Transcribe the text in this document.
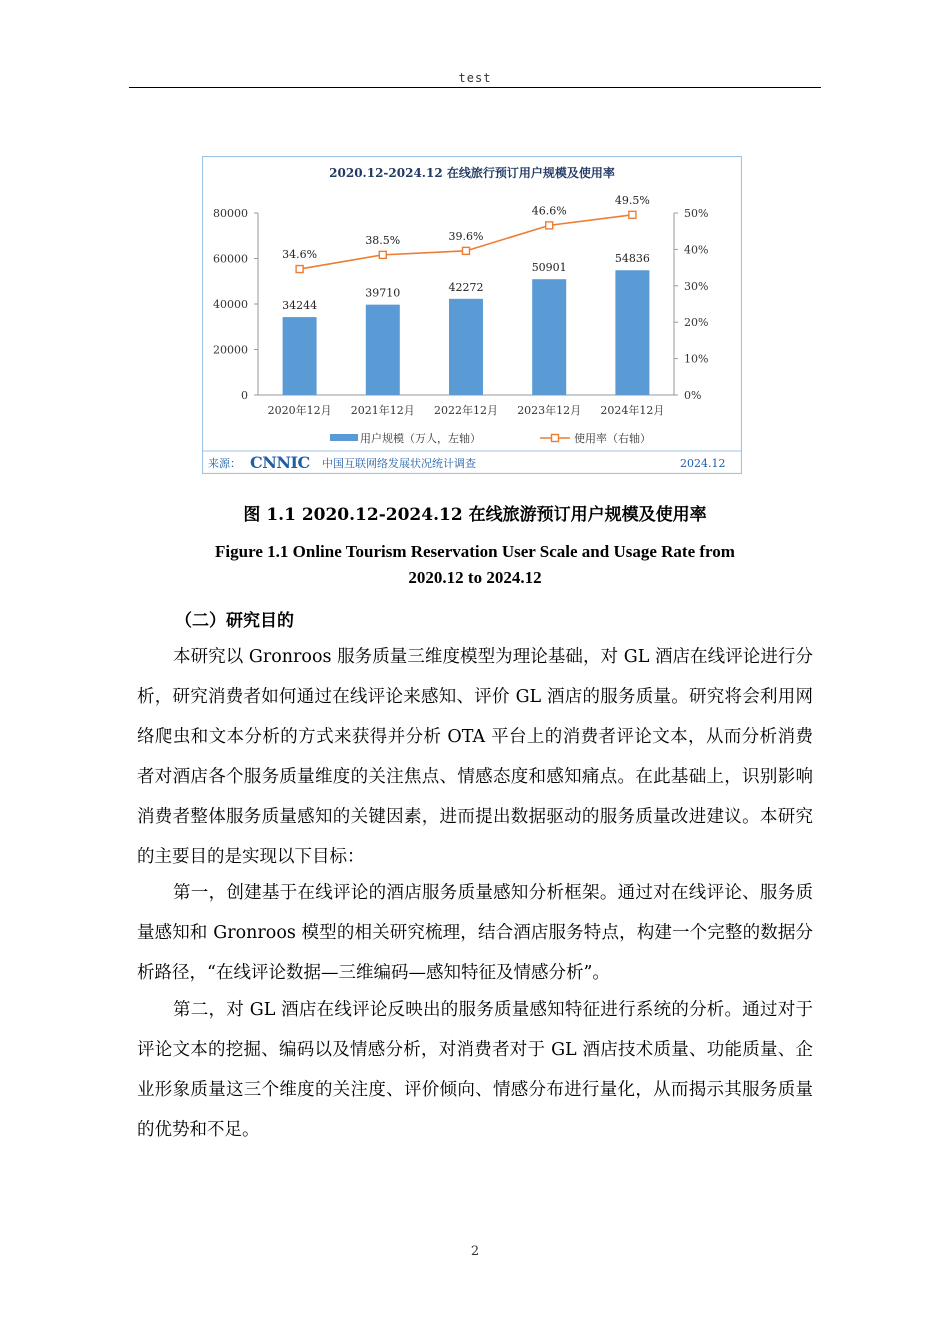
test
2020.12-2024.12 在线旅行预订用户规模及使用率
0
20000
40000
60000
80000
0%
10%
20%
30%
40%
50%
34244
39710	42272
50901
54836
34.6%
38.5%	39.6%
46.6%
49.5%
2020年12月 2021年12月 2022年12月 2023年12月 2024年12月
用户规模（万人，左轴）	使用率（右轴）
来源： CNNIC 中国互联网络发展状况统计调查	2024.12
图 1.1 2020.12-2024.12 在线旅游预订用户规模及使用率
Figure 1.1 Online Tourism Reservation User Scale and Usage Rate from 2020.12 to 2024.12
（二）研究目的
本研究以 Gronroos 服务质量三维度模型为理论基础，对 GL 酒店在线评论进行分析，研究消费者如何通过在线评论来感知、评价 GL 酒店的服务质量。研究将会利用网络爬虫和文本分析的方式来获得并分析 OTA 平台上的消费者评论文本，从而分析消费者对酒店各个服务质量维度的关注焦点、情感态度和感知痛点。在此基础上，识别影响消费者整体服务质量感知的关键因素，进而提出数据驱动的服务质量改进建议。本研究的主要目的是实现以下目标：
第一，创建基于在线评论的酒店服务质量感知分析框架。通过对在线评论、服务质量感知和 Gronroos 模型的相关研究梳理，结合酒店服务特点，构建一个完整的数据分析路径，“在线评论数据—三维编码—感知特征及情感分析”。
第二，对 GL 酒店在线评论反映出的服务质量感知特征进行系统的分析。通过对于评论文本的挖掘、编码以及情感分析，对消费者对于 GL 酒店技术质量、功能质量、企业形象质量这三个维度的关注度、评价倾向、情感分布进行量化，从而揭示其服务质量的优势和不足。
2
